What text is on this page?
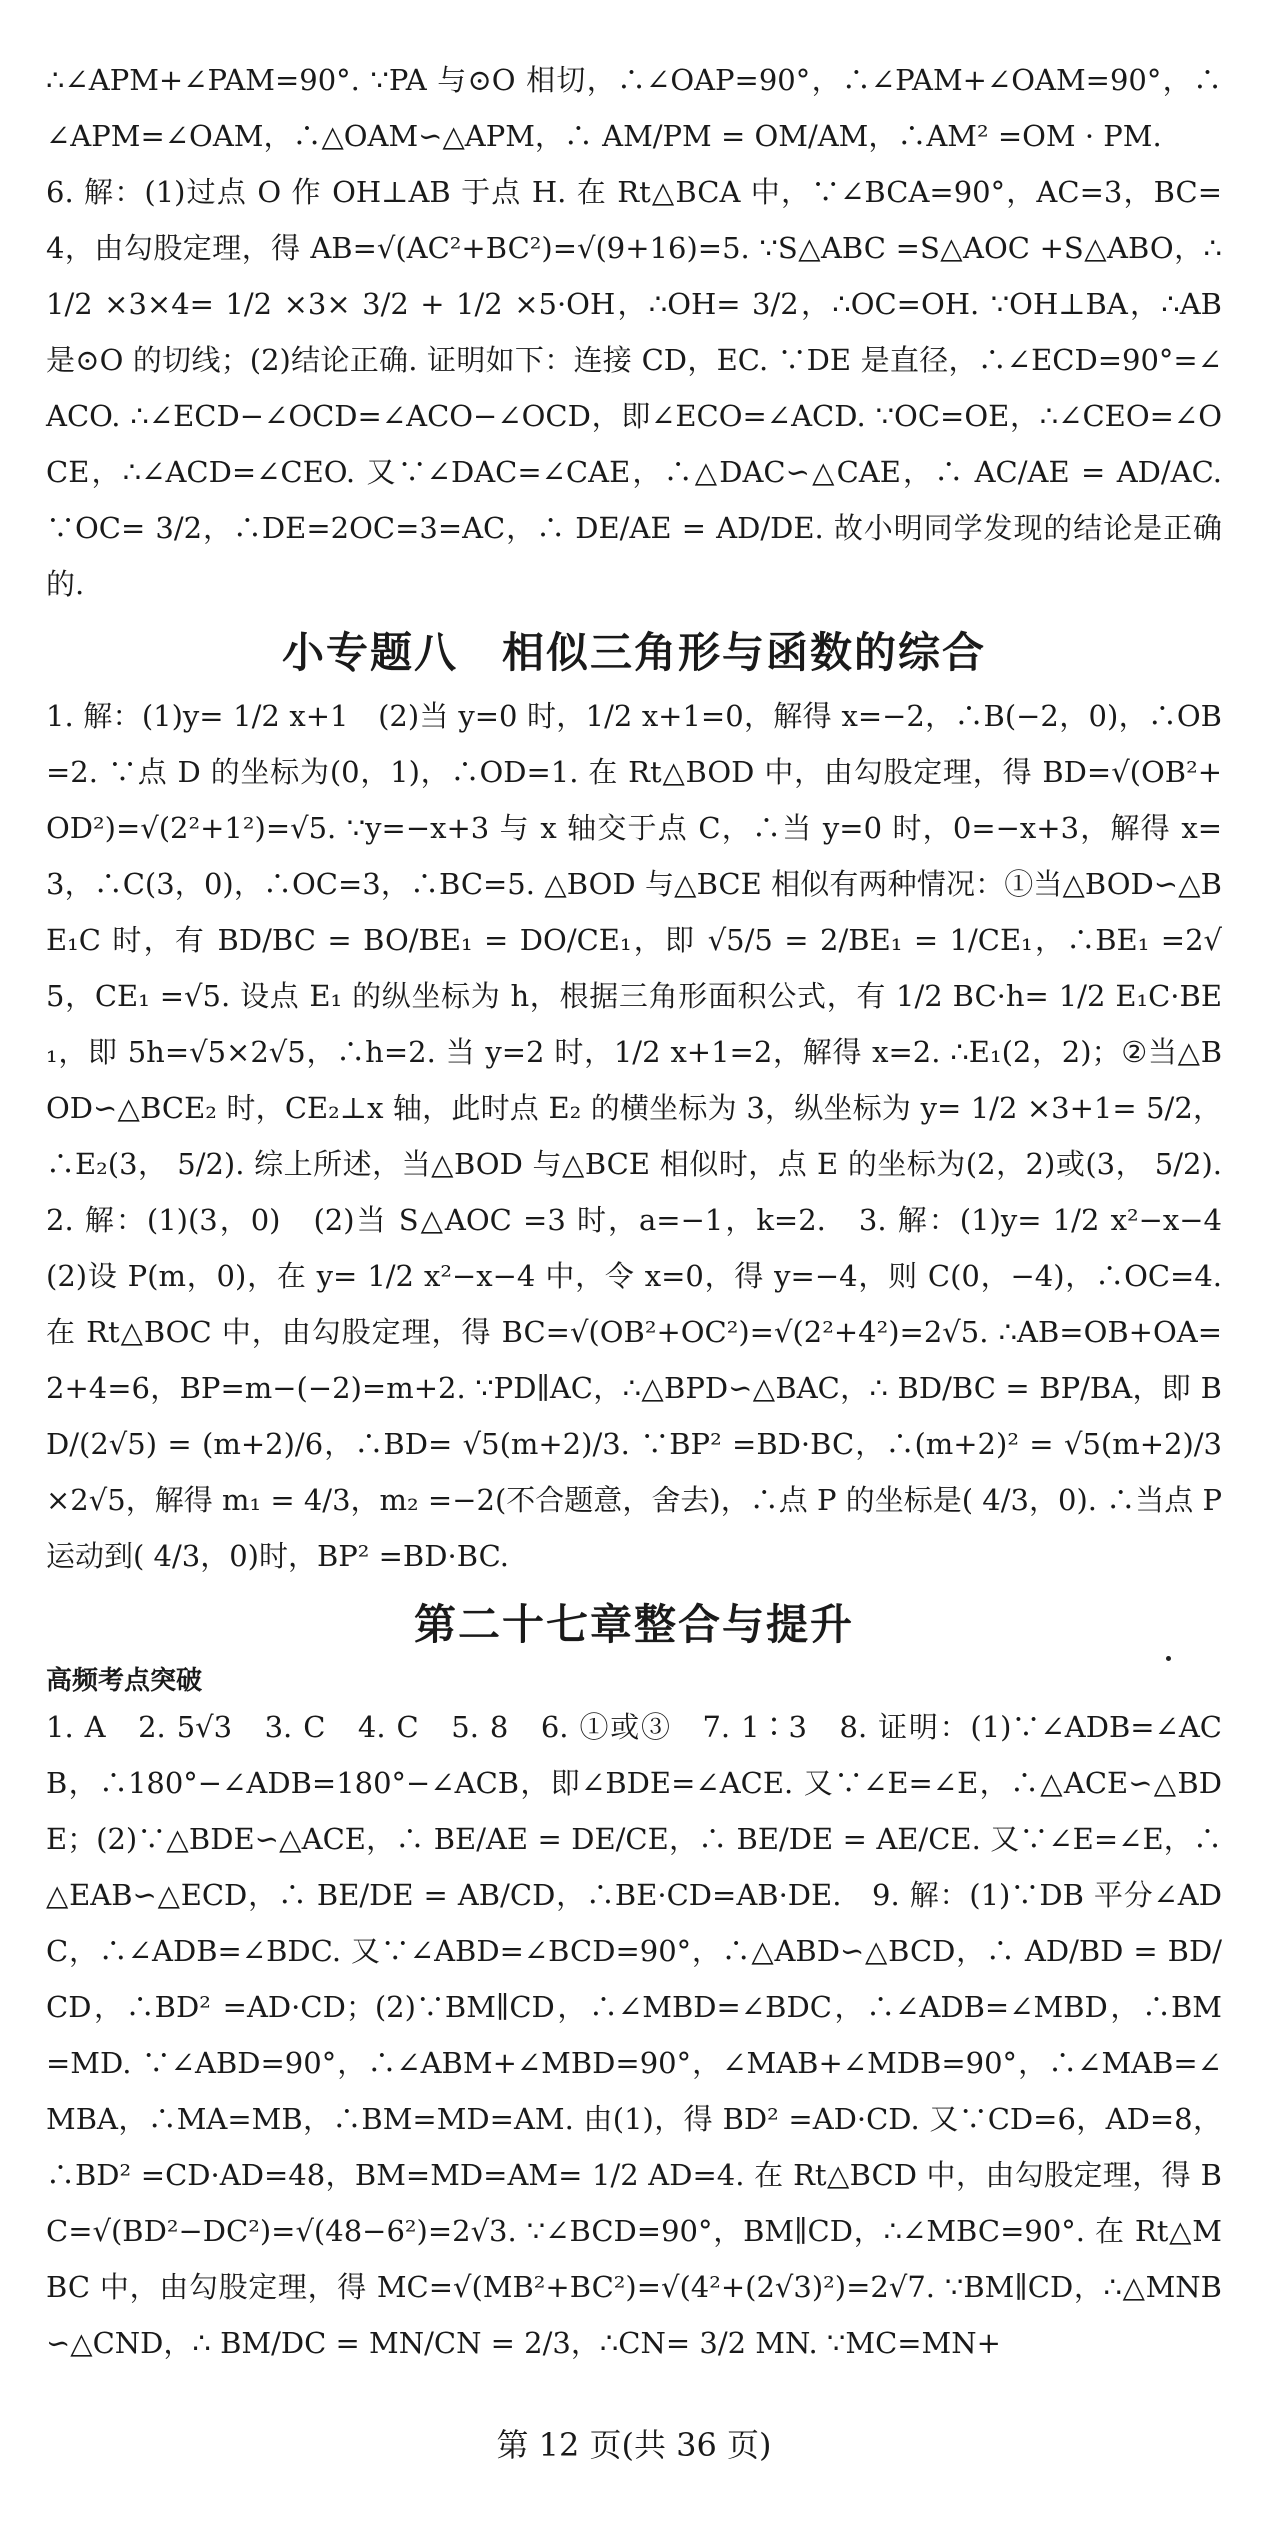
∴∠APM+∠PAM=90°. ∵PA 与⊙O 相切，∴∠OAP=90°，∴∠PAM+∠OAM=90°，∴∠APM=∠OAM，∴△OAM∽△APM，∴ AM/PM = OM/AM，∴AM² =OM · PM.

6. 解：(1)过点 O 作 OH⊥AB 于点 H. 在 Rt△BCA 中，∵∠BCA=90°，AC=3，BC=4，由勾股定理，得 AB=√(AC²+BC²)=√(9+16)=5. ∵S△ABC =S△AOC +S△ABO，∴ 1/2 ×3×4= 1/2 ×3× 3/2 + 1/2 ×5·OH，∴OH= 3/2，∴OC=OH. ∵OH⊥BA，∴AB 是⊙O 的切线；(2)结论正确. 证明如下：连接 CD，EC. ∵DE 是直径，∴∠ECD=90°=∠ACO. ∴∠ECD−∠OCD=∠ACO−∠OCD，即∠ECO=∠ACD. ∵OC=OE，∴∠CEO=∠OCE，∴∠ACD=∠CEO. 又∵∠DAC=∠CAE，∴△DAC∽△CAE，∴ AC/AE = AD/AC. ∵OC= 3/2，∴DE=2OC=3=AC，∴ DE/AE = AD/DE. 故小明同学发现的结论是正确的.

小专题八　相似三角形与函数的综合

1. 解：(1)y= 1/2 x+1　(2)当 y=0 时，1/2 x+1=0，解得 x=−2，∴B(−2，0)，∴OB=2. ∵点 D 的坐标为(0，1)，∴OD=1. 在 Rt△BOD 中，由勾股定理，得 BD=√(OB²+OD²)=√(2²+1²)=√5. ∵y=−x+3 与 x 轴交于点 C，∴当 y=0 时，0=−x+3，解得 x=3，∴C(3，0)，∴OC=3，∴BC=5. △BOD 与△BCE 相似有两种情况：①当△BOD∽△BE₁C 时，有 BD/BC = BO/BE₁ = DO/CE₁，即 √5/5 = 2/BE₁ = 1/CE₁，∴BE₁ =2√5，CE₁ =√5. 设点 E₁ 的纵坐标为 h，根据三角形面积公式，有 1/2 BC·h= 1/2 E₁C·BE₁，即 5h=√5×2√5，∴h=2. 当 y=2 时，1/2 x+1=2，解得 x=2. ∴E₁(2，2)；②当△BOD∽△BCE₂ 时，CE₂⊥x 轴，此时点 E₂ 的横坐标为 3，纵坐标为 y= 1/2 ×3+1= 5/2，∴E₂(3， 5/2). 综上所述，当△BOD 与△BCE 相似时，点 E 的坐标为(2，2)或(3， 5/2).　2. 解：(1)(3，0)　(2)当 S△AOC =3 时，a=−1，k=2.　3. 解：(1)y= 1/2 x²−x−4　(2)设 P(m，0)，在 y= 1/2 x²−x−4 中，令 x=0，得 y=−4，则 C(0，−4)，∴OC=4. 在 Rt△BOC 中，由勾股定理，得 BC=√(OB²+OC²)=√(2²+4²)=2√5. ∴AB=OB+OA=2+4=6，BP=m−(−2)=m+2. ∵PD∥AC，∴△BPD∽△BAC，∴ BD/BC = BP/BA，即 BD/(2√5) = (m+2)/6，∴BD= √5(m+2)/3. ∵BP² =BD·BC，∴(m+2)² = √5(m+2)/3 ×2√5，解得 m₁ = 4/3，m₂ =−2(不合题意，舍去)，∴点 P 的坐标是( 4/3，0). ∴当点 P 运动到( 4/3，0)时，BP² =BD·BC.

第二十七章整合与提升
高频考点突破

1. A　2. 5√3　3. C　4. C　5. 8　6. ①或③　7. 1∶3　8. 证明：(1)∵∠ADB=∠ACB，∴180°−∠ADB=180°−∠ACB，即∠BDE=∠ACE. 又∵∠E=∠E，∴△ACE∽△BDE；(2)∵△BDE∽△ACE，∴ BE/AE = DE/CE，∴ BE/DE = AE/CE. 又∵∠E=∠E，∴△EAB∽△ECD，∴ BE/DE = AB/CD，∴BE·CD=AB·DE.　9. 解：(1)∵DB 平分∠ADC，∴∠ADB=∠BDC. 又∵∠ABD=∠BCD=90°，∴△ABD∽△BCD，∴ AD/BD = BD/CD，∴BD² =AD·CD；(2)∵BM∥CD，∴∠MBD=∠BDC，∴∠ADB=∠MBD，∴BM=MD. ∵∠ABD=90°，∴∠ABM+∠MBD=90°，∠MAB+∠MDB=90°，∴∠MAB=∠MBA，∴MA=MB，∴BM=MD=AM. 由(1)，得 BD² =AD·CD. 又∵CD=6，AD=8，∴BD² =CD·AD=48，BM=MD=AM= 1/2 AD=4. 在 Rt△BCD 中，由勾股定理，得 BC=√(BD²−DC²)=√(48−6²)=2√3. ∵∠BCD=90°，BM∥CD，∴∠MBC=90°. 在 Rt△MBC 中，由勾股定理，得 MC=√(MB²+BC²)=√(4²+(2√3)²)=2√7. ∵BM∥CD，∴△MNB∽△CND，∴ BM/DC = MN/CN = 2/3，∴CN= 3/2 MN. ∵MC=MN+

第 12 页(共 36 页)
